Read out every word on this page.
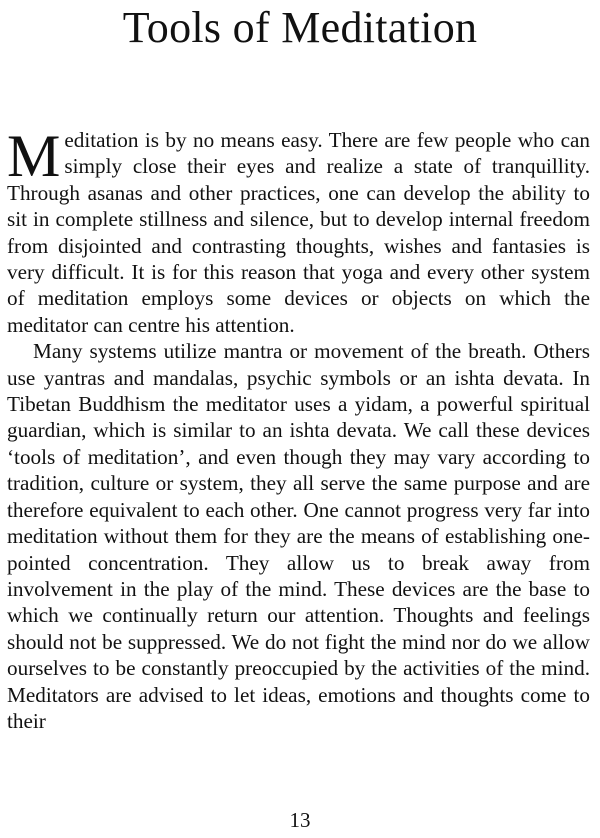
Tools of Meditation

Meditation is by no means easy. There are few people who can simply close their eyes and realize a state of tranquillity. Through asanas and other practices, one can develop the ability to sit in complete stillness and silence, but to develop internal freedom from disjointed and contrasting thoughts, wishes and fantasies is very difficult. It is for this reason that yoga and every other system of meditation employs some devices or objects on which the meditator can centre his attention.

Many systems utilize mantra or movement of the breath. Others use yantras and mandalas, psychic symbols or an ishta devata. In Tibetan Buddhism the meditator uses a yidam, a powerful spiritual guardian, which is similar to an ishta devata. We call these devices ‘tools of meditation’, and even though they may vary according to tradition, culture or system, they all serve the same purpose and are therefore equivalent to each other. One cannot progress very far into meditation without them for they are the means of establishing one-pointed concentration. They allow us to break away from involvement in the play of the mind. These devices are the base to which we continually return our attention. Thoughts and feelings should not be suppressed. We do not fight the mind nor do we allow ourselves to be constantly preoccupied by the activities of the mind. Meditators are advised to let ideas, emotions and thoughts come to their

13
